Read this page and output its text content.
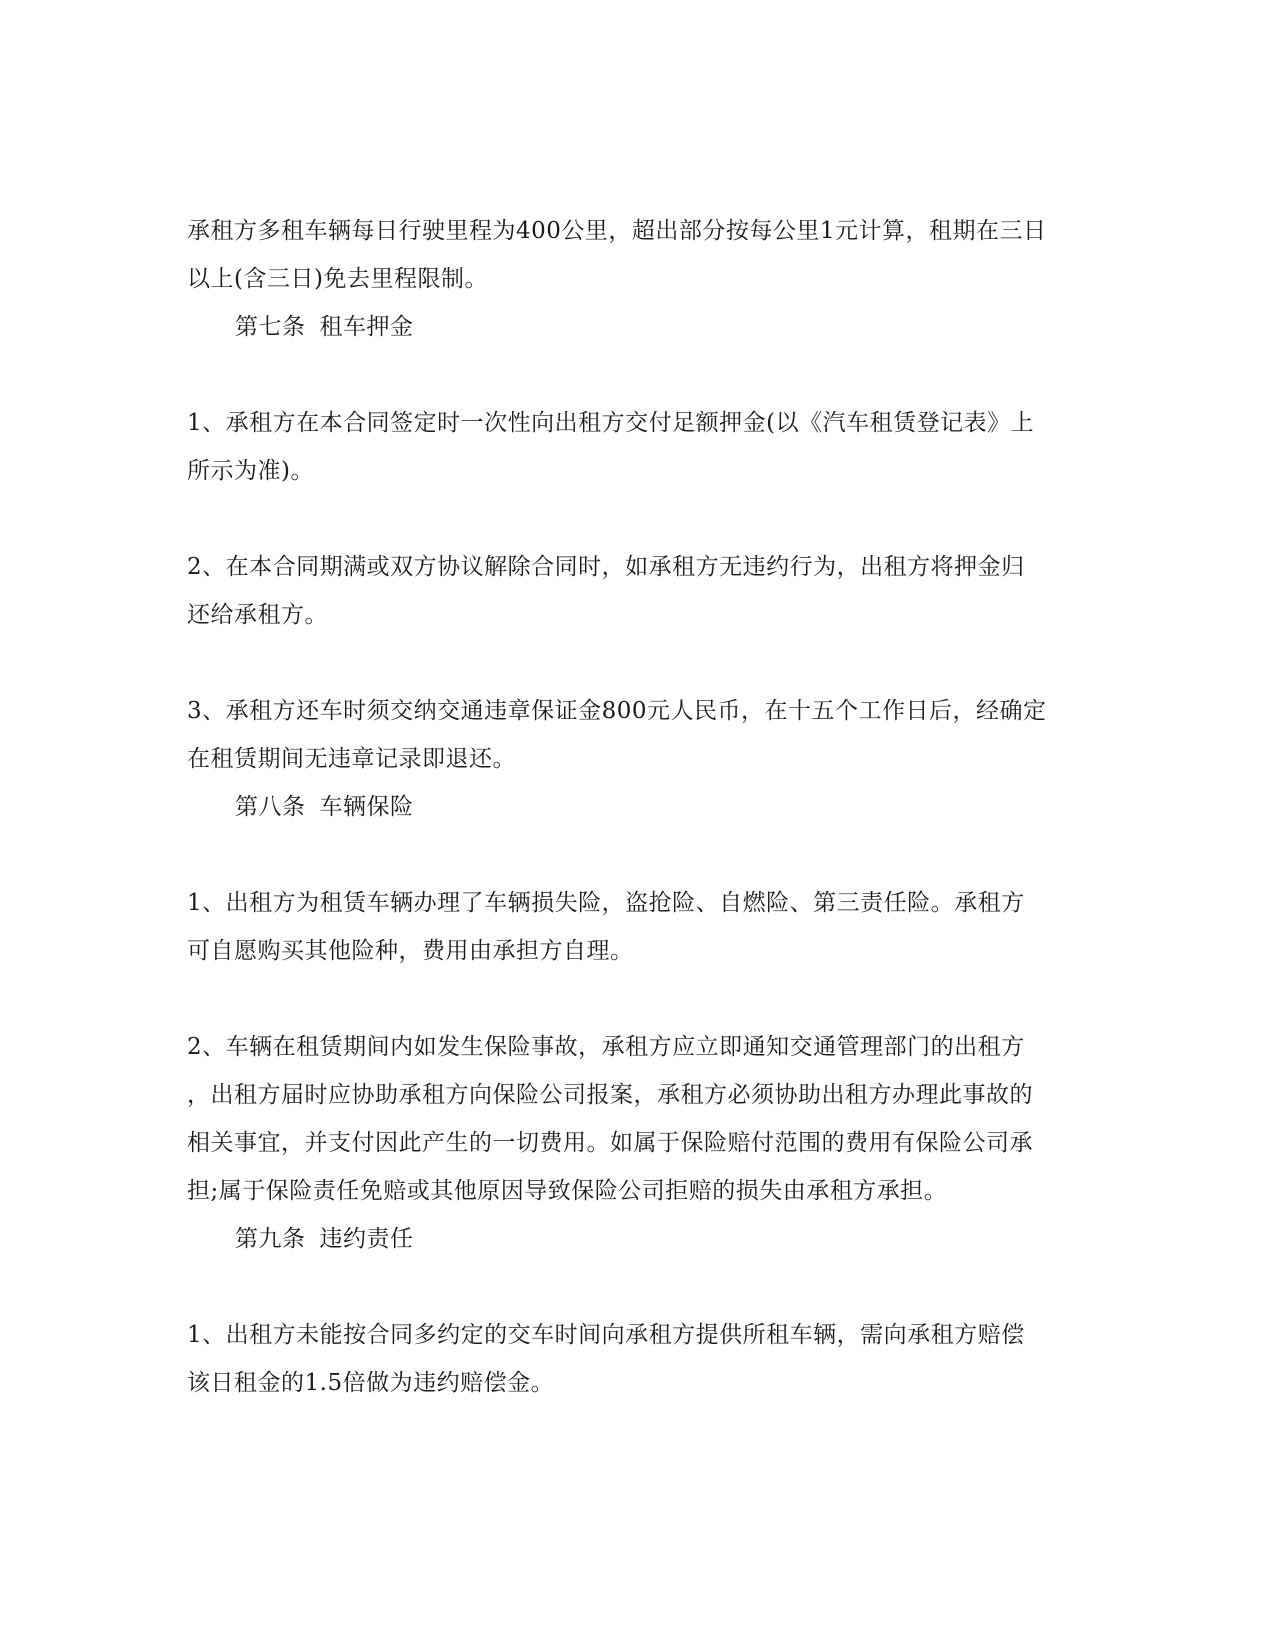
承租方多租车辆每日行驶里程为400公里，超出部分按每公里1元计算，租期在三日
以上(含三日)免去里程限制。

第七条 租车押金

1、承租方在本合同签定时一次性向出租方交付足额押金(以《汽车租赁登记表》上
所示为准)。

2、在本合同期满或双方协议解除合同时，如承租方无违约行为，出租方将押金归
还给承租方。

3、承租方还车时须交纳交通违章保证金800元人民币，在十五个工作日后，经确定
在租赁期间无违章记录即退还。

第八条 车辆保险

1、出租方为租赁车辆办理了车辆损失险，盗抢险、自燃险、第三责任险。承租方
可自愿购买其他险种，费用由承担方自理。

2、车辆在租赁期间内如发生保险事故，承租方应立即通知交通管理部门的出租方
，出租方届时应协助承租方向保险公司报案，承租方必须协助出租方办理此事故的
相关事宜，并支付因此产生的一切费用。如属于保险赔付范围的费用有保险公司承
担;属于保险责任免赔或其他原因导致保险公司拒赔的损失由承租方承担。

第九条 违约责任

1、出租方未能按合同多约定的交车时间向承租方提供所租车辆，需向承租方赔偿
该日租金的1.5倍做为违约赔偿金。
